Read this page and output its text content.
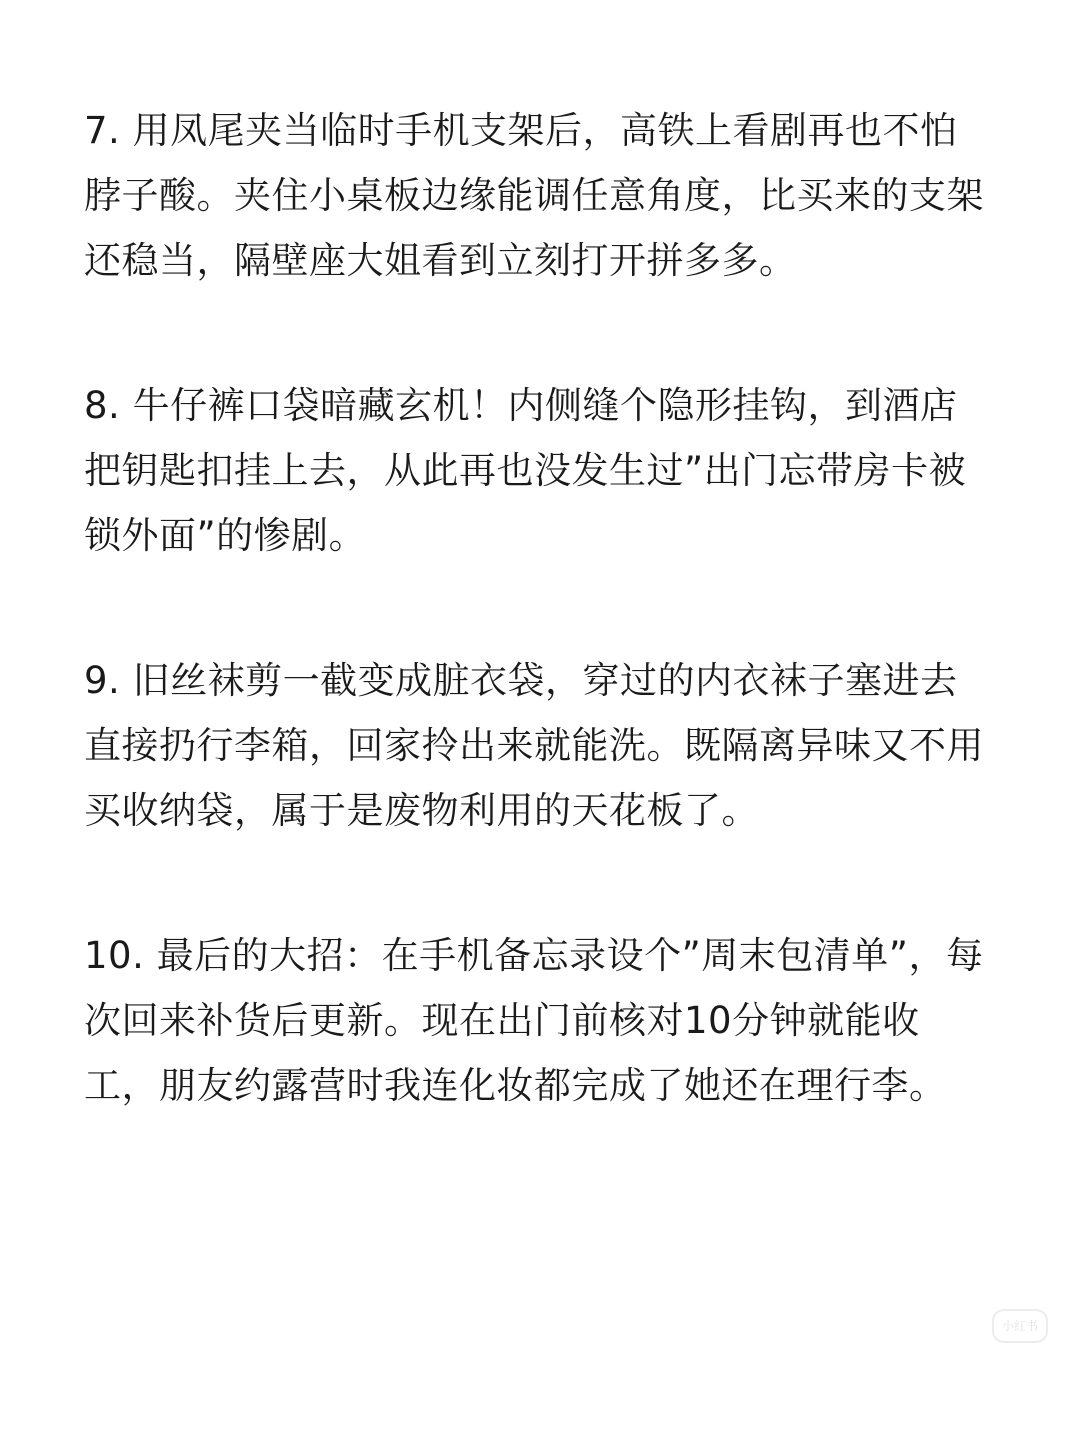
7. 用凤尾夹当临时手机支架后，高铁上看剧再也不怕
脖子酸。夹住小桌板边缘能调任意角度，比买来的支架
还稳当，隔壁座大姐看到立刻打开拼多多。

8. 牛仔裤口袋暗藏玄机！内侧缝个隐形挂钩，到酒店
把钥匙扣挂上去，从此再也没发生过”出门忘带房卡被
锁外面”的惨剧。

9. 旧丝袜剪一截变成脏衣袋，穿过的内衣袜子塞进去
直接扔行李箱，回家拎出来就能洗。既隔离异味又不用
买收纳袋，属于是废物利用的天花板了。

10. 最后的大招：在手机备忘录设个”周末包清单”，每
次回来补货后更新。现在出门前核对10分钟就能收
工，朋友约露营时我连化妆都完成了她还在理行李。

小红书
